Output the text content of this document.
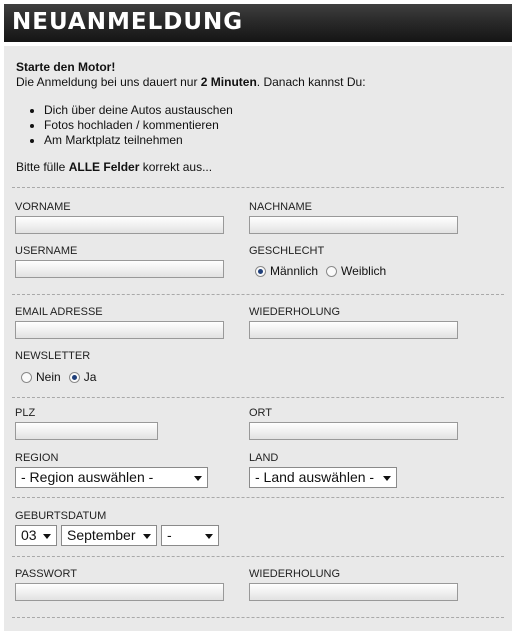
NEUANMELDUNG

Starte den Motor!

Die Anmeldung bei uns dauert nur 2 Minuten. Danach kannst Du:

• Dich über deine Autos austauschen
• Fotos hochladen / kommentieren
• Am Marktplatz teilnehmen

Bitte fülle ALLE Felder korrekt aus...

VORNAME	NACHNAME
USERNAME	GESCHLECHT
Männlich Weiblich
EMAIL ADRESSE	WIEDERHOLUNG
NEWSLETTER
Nein Ja
PLZ	ORT
REGION
- Region auswählen -
LAND
- Land auswählen -
GEBURTSDATUM
03	September	-
PASSWORT	WIEDERHOLUNG
